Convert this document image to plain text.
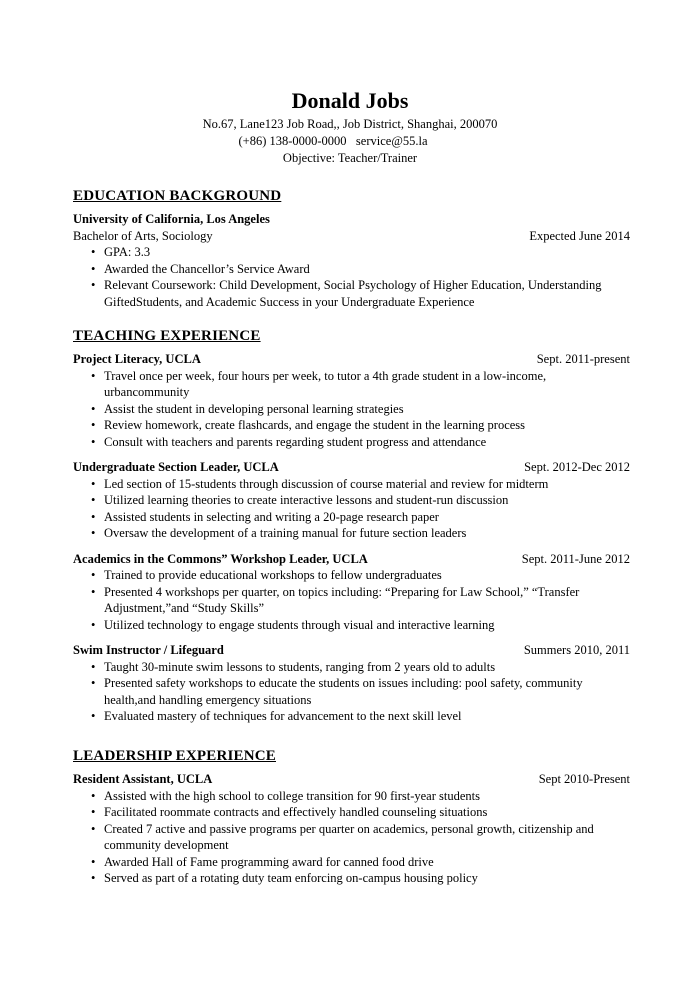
Donald Jobs
No.67, Lane123 Job Road,, Job District, Shanghai, 200070
(+86) 138-0000-0000   service@55.la
Objective: Teacher/Trainer
EDUCATION BACKGROUND
University of California, Los Angeles
Bachelor of Arts, Sociology	Expected June 2014
• GPA: 3.3
• Awarded the Chancellor’s Service Award
• Relevant Coursework: Child Development, Social Psychology of Higher Education, Understanding GiftedStudents, and Academic Success in your Undergraduate Experience
TEACHING EXPERIENCE
Project Literacy, UCLA	Sept. 2011-present
• Travel once per week, four hours per week, to tutor a 4th grade student in a low-income, urbancommunity
• Assist the student in developing personal learning strategies
• Review homework, create flashcards, and engage the student in the learning process
• Consult with teachers and parents regarding student progress and attendance
Undergraduate Section Leader, UCLA	Sept. 2012-Dec 2012
• Led section of 15-students through discussion of course material and review for midterm
• Utilized learning theories to create interactive lessons and student-run discussion
• Assisted students in selecting and writing a 20-page research paper
• Oversaw the development of a training manual for future section leaders
Academics in the Commons” Workshop Leader, UCLA	Sept. 2011-June 2012
• Trained to provide educational workshops to fellow undergraduates
• Presented 4 workshops per quarter, on topics including: “Preparing for Law School,” “Transfer Adjustment,”and “Study Skills”
• Utilized technology to engage students through visual and interactive learning
Swim Instructor / Lifeguard	Summers 2010, 2011
• Taught 30-minute swim lessons to students, ranging from 2 years old to adults
• Presented safety workshops to educate the students on issues including: pool safety, community health,and handling emergency situations
• Evaluated mastery of techniques for advancement to the next skill level
LEADERSHIP EXPERIENCE
Resident Assistant, UCLA	Sept 2010-Present
• Assisted with the high school to college transition for 90 first-year students
• Facilitated roommate contracts and effectively handled counseling situations
• Created 7 active and passive programs per quarter on academics, personal growth, citizenship and community development
• Awarded Hall of Fame programming award for canned food drive
• Served as part of a rotating duty team enforcing on-campus housing policy
